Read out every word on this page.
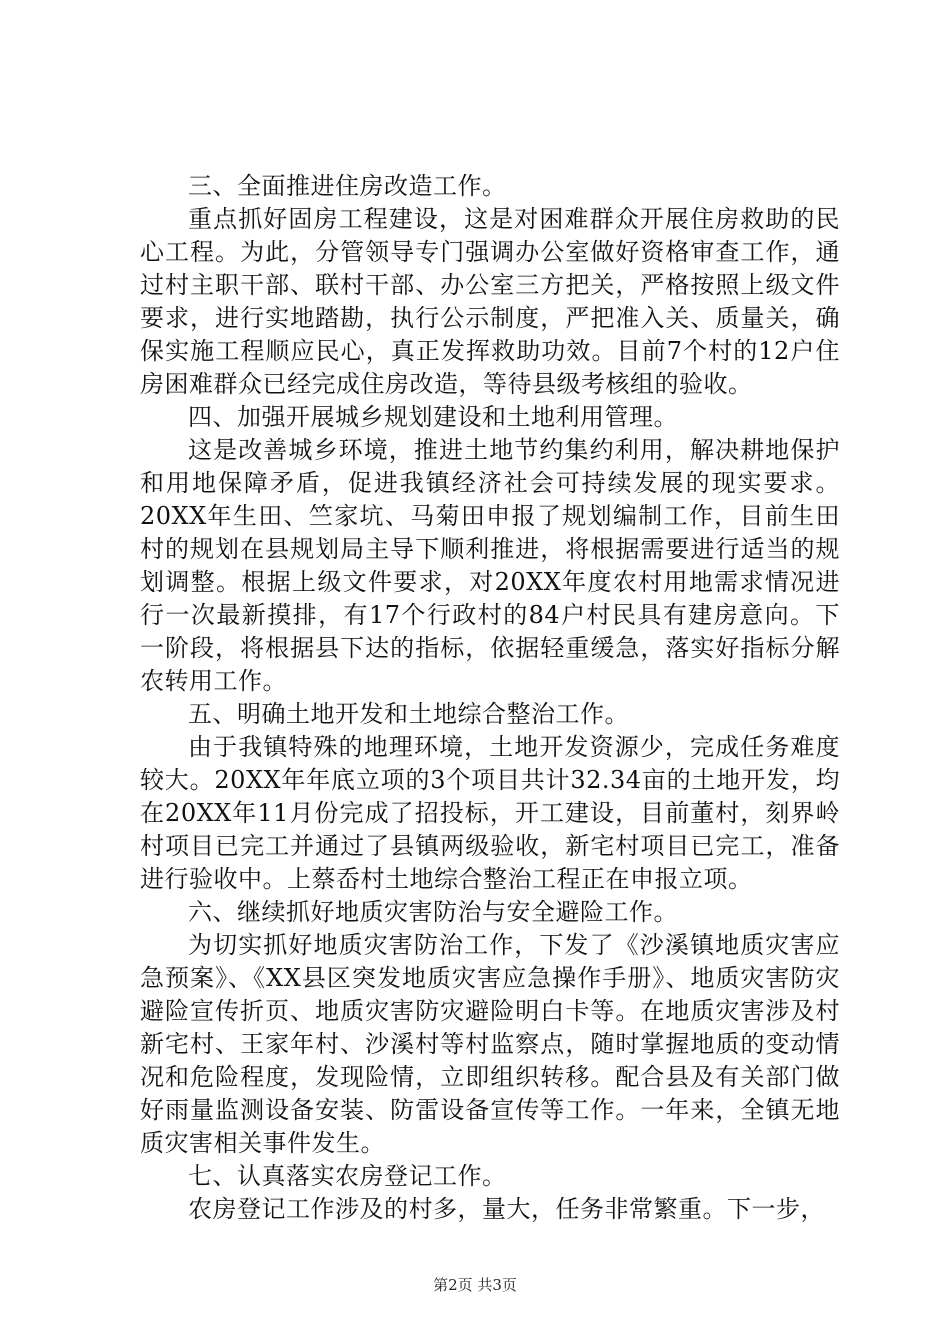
三、全面推进住房改造工作。

重点抓好固房工程建设，这是对困难群众开展住房救助的民心工程。为此，分管领导专门强调办公室做好资格审查工作，通过村主职干部、联村干部、办公室三方把关，严格按照上级文件要求，进行实地踏勘，执行公示制度，严把准入关、质量关，确保实施工程顺应民心，真正发挥救助功效。目前7个村的12户住房困难群众已经完成住房改造，等待县级考核组的验收。

四、加强开展城乡规划建设和土地利用管理。

这是改善城乡环境，推进土地节约集约利用，解决耕地保护和用地保障矛盾，促进我镇经济社会可持续发展的现实要求。20XX年生田、竺家坑、马菊田申报了规划编制工作，目前生田村的规划在县规划局主导下顺利推进，将根据需要进行适当的规划调整。根据上级文件要求，对20XX年度农村用地需求情况进行一次最新摸排，有17个行政村的84户村民具有建房意向。下一阶段，将根据县下达的指标，依据轻重缓急，落实好指标分解农转用工作。

五、明确土地开发和土地综合整治工作。

由于我镇特殊的地理环境，土地开发资源少，完成任务难度较大。20XX年年底立项的3个项目共计32.34亩的土地开发，均在20XX年11月份完成了招投标，开工建设，目前董村，刻界岭村项目已完工并通过了县镇两级验收，新宅村项目已完工，准备进行验收中。上蔡岙村土地综合整治工程正在申报立项。

六、继续抓好地质灾害防治与安全避险工作。

为切实抓好地质灾害防治工作，下发了《沙溪镇地质灾害应急预案》、《XX县区突发地质灾害应急操作手册》、地质灾害防灾避险宣传折页、地质灾害防灾避险明白卡等。在地质灾害涉及村新宅村、王家年村、沙溪村等村监察点，随时掌握地质的变动情况和危险程度，发现险情，立即组织转移。配合县及有关部门做好雨量监测设备安装、防雷设备宣传等工作。一年来，全镇无地质灾害相关事件发生。

七、认真落实农房登记工作。

农房登记工作涉及的村多，量大，任务非常繁重。下一步，

第2页 共3页
